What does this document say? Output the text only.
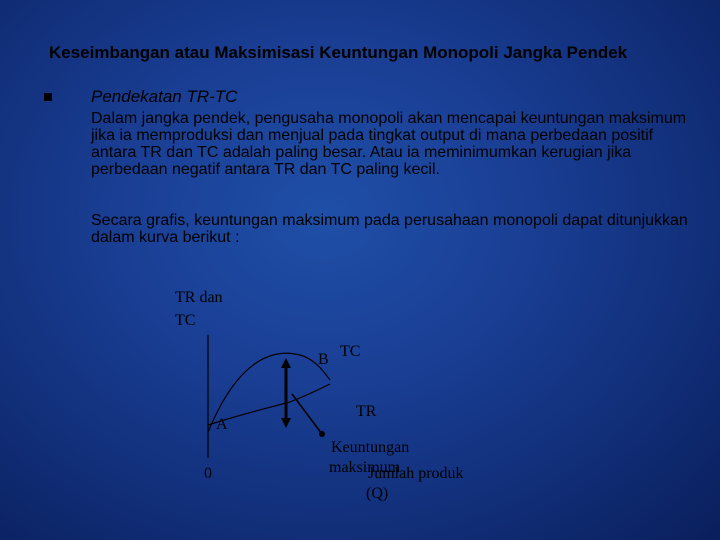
Keseimbangan atau Maksimisasi Keuntungan Monopoli Jangka Pendek
Pendekatan TR-TC
Dalam jangka pendek, pengusaha monopoli akan mencapai keuntungan maksimum jika ia memproduksi dan menjual pada tingkat output di mana perbedaan positif antara TR dan TC adalah paling besar. Atau ia meminimumkan kerugian jika perbedaan negatif antara TR dan TC paling kecil.
Secara grafis, keuntungan maksimum pada perusahaan monopoli dapat ditunjukkan dalam kurva berikut :
TR dan
TC
0
A
B TC
TR
Keuntungan
maksimum
Jumlah produk
(Q)
